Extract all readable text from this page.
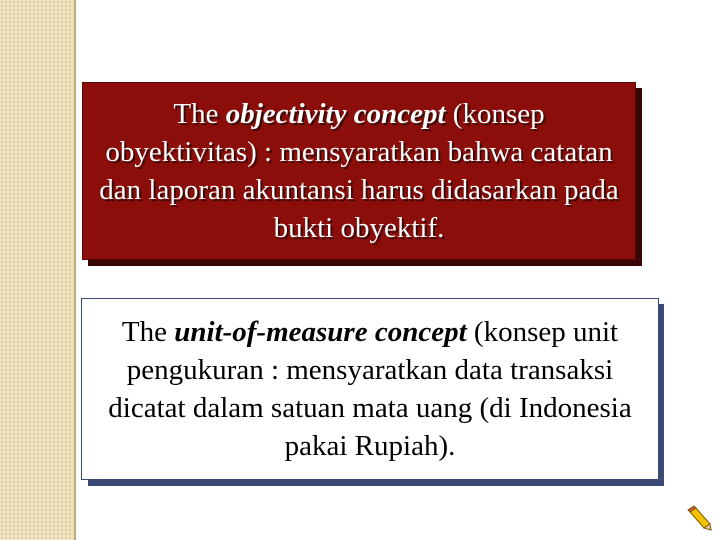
The objectivity concept (konsep obyektivitas) : mensyaratkan bahwa catatan dan laporan akuntansi harus didasarkan pada bukti obyektif.
The unit-of-measure concept (konsep unit pengukuran : mensyaratkan data transaksi dicatat dalam satuan mata uang (di Indonesia pakai Rupiah).
